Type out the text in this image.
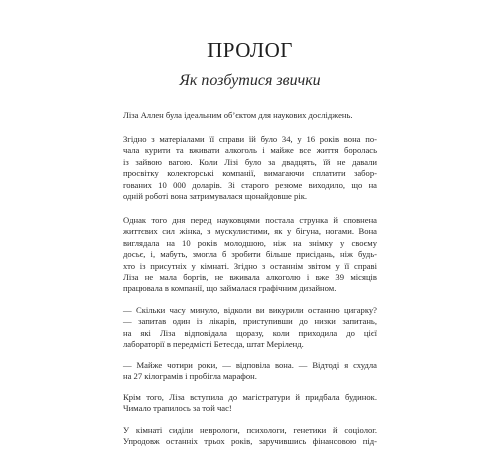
ПРОЛОГ
Як позбутися звички
Ліза Аллен була ідеальним об’єктом для наукових досліджень.
Згідно з матеріалами її справи їй було 34, у 16 років вона по-
чала курити та вживати алкоголь і майже все життя боролась
із зайвою вагою. Коли Лізі було за двадцять, їй не давали
просвітку колекторські компанії, вимагаючи сплатити забор-
гованих 10 000 доларів. Зі старого резюме виходило, що на
одній роботі вона затримувалася щонайдовше рік.
Однак того дня перед науковцями постала струнка й сповнена
життєвих сил жінка, з мускулистими, як у бігуна, ногами. Вона
виглядала на 10 років молодшою, ніж на знімку у своєму
досьє, і, мабуть, змогла б зробити більше присідань, ніж будь-
хто із присутніх у кімнаті. Згідно з останнім звітом у її справі
Ліза не мала боргів, не вживала алкоголю і вже 39 місяців
працювала в компанії, що займалася графічним дизайном.
— Скільки часу минуло, відколи ви викурили останню цигарку?
— запитав один із лікарів, приступивши до низки запитань,
на які Ліза відповідала щоразу, коли приходила до цієї
лабораторії в передмісті Бетесда, штат Меріленд.
— Майже чотири роки, — відповіла вона. — Відтоді я схудла
на 27 кілограмів і пробігла марафон.
Крім того, Ліза вступила до магістратури й придбала будинок.
Чимало трапилось за той час!
У кімнаті сиділи неврологи, психологи, генетики й соціолог.
Упродовж останніх трьох років, заручившись фінансовою під-
